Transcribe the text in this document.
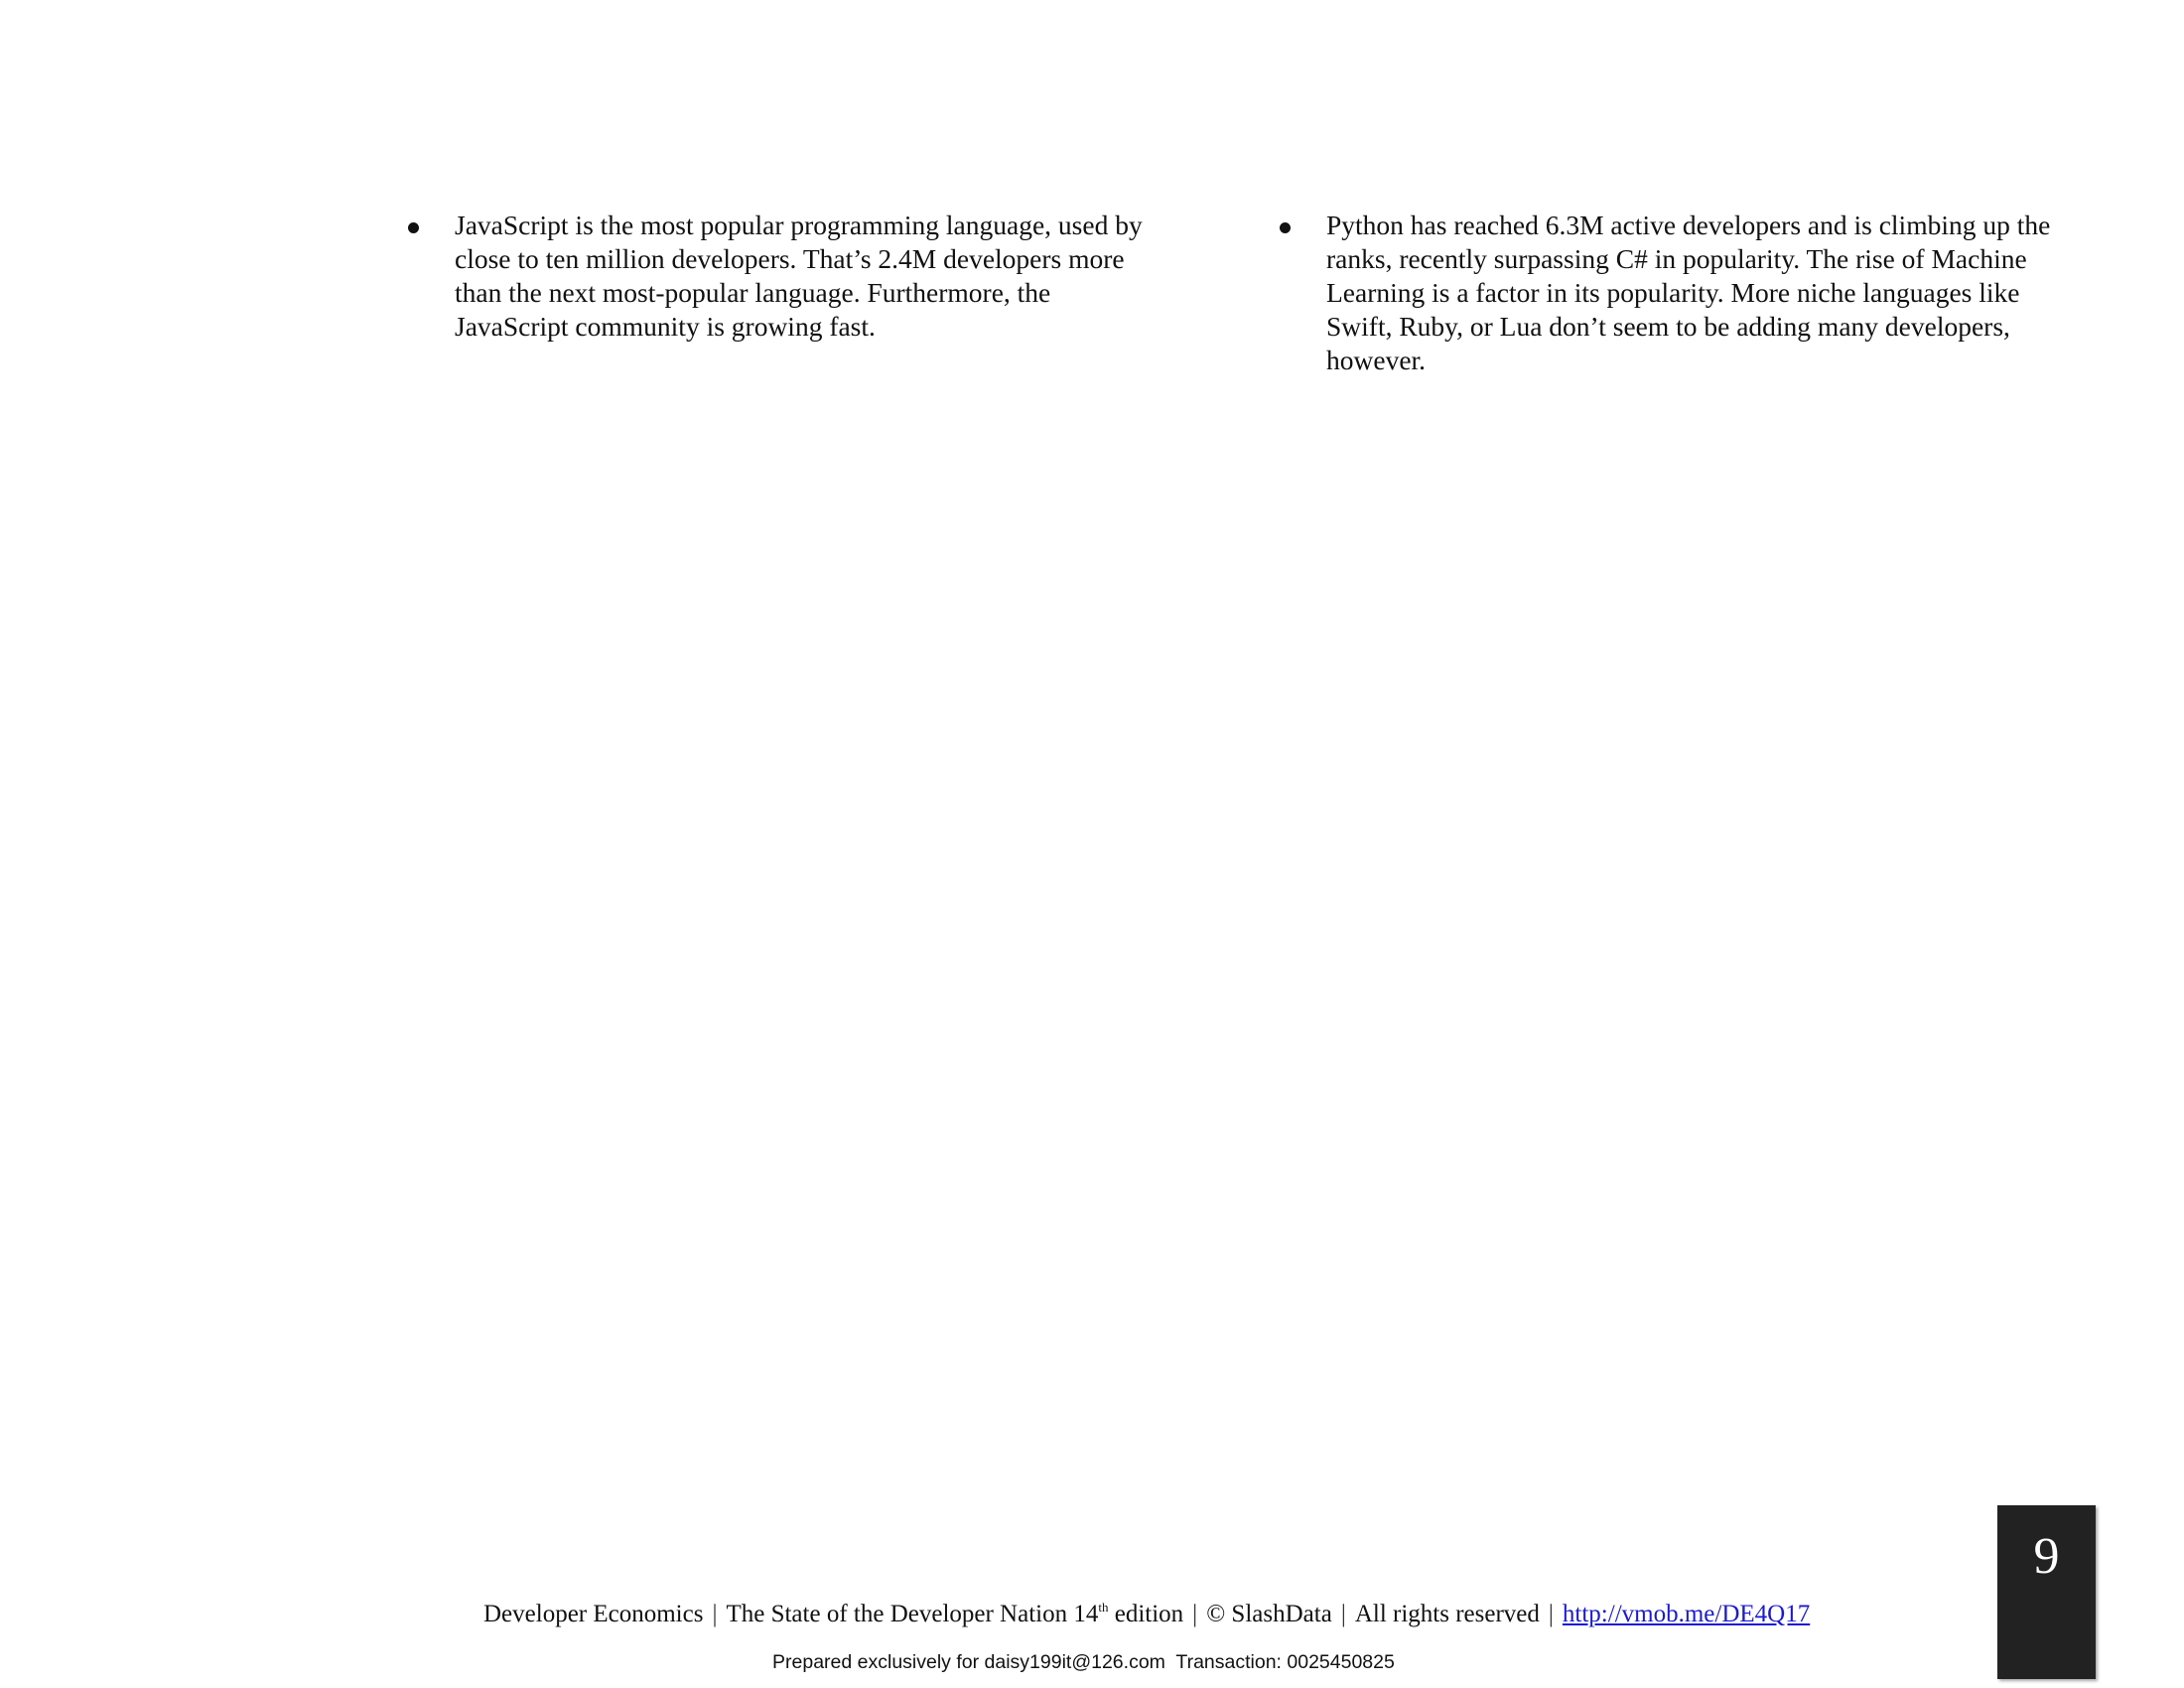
JavaScript is the most popular programming language, used by close to ten million developers. That’s 2.4M developers more than the next most-popular language. Furthermore, the JavaScript community is growing fast.

Python has reached 6.3M active developers and is climbing up the ranks, recently surpassing C# in popularity. The rise of Machine Learning is a factor in its popularity. More niche languages like Swift, Ruby, or Lua don’t seem to be adding many developers, however.

Developer Economics | The State of the Developer Nation 14th edition | © SlashData | All rights reserved | http://vmob.me/DE4Q17
Prepared exclusively for daisy199it@126.com  Transaction: 0025450825
9
